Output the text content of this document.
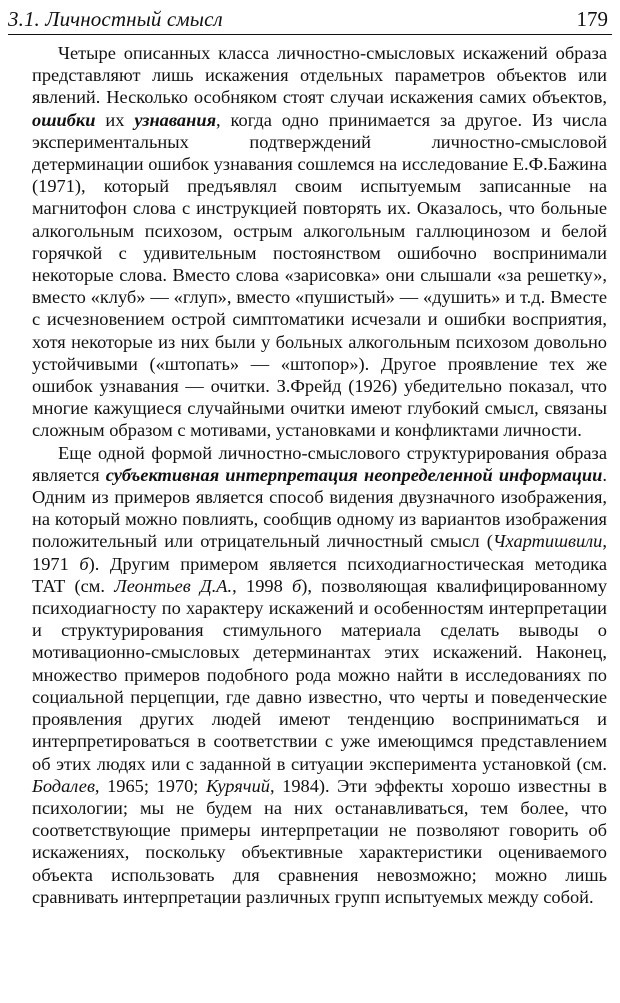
3.1. Личностный смысл	179

Четыре описанных класса личностно-смысловых искажений образа представляют лишь искажения отдельных параметров объектов или явлений. Несколько особняком стоят случаи искажения самих объектов, ошибки их узнавания, когда одно принимается за другое. Из числа экспериментальных подтверждений личностно-смысловой детерминации ошибок узнавания сошлемся на исследование Е.Ф.Бажина (1971), который предъявлял своим испытуемым записанные на магнитофон слова с инструкцией повторять их. Оказалось, что больные алкогольным психозом, острым алкогольным галлюцинозом и белой горячкой с удивительным постоянством ошибочно воспринимали некоторые слова. Вместо слова «зарисовка» они слышали «за решетку», вместо «клуб» — «глуп», вместо «пушистый» — «душить» и т.д. Вместе с исчезновением острой симптоматики исчезали и ошибки восприятия, хотя некоторые из них были у больных алкогольным психозом довольно устойчивыми («штопать» — «штопор»). Другое проявление тех же ошибок узнавания — очитки. З.Фрейд (1926) убедительно показал, что многие кажущиеся случайными очитки имеют глубокий смысл, связаны сложным образом с мотивами, установками и конфликтами личности.

Еще одной формой личностно-смыслового структурирования образа является субъективная интерпретация неопределенной информации. Одним из примеров является способ видения двузначного изображения, на который можно повлиять, сообщив одному из вариантов изображения положительный или отрицательный личностный смысл (Чхартишвили, 1971 б). Другим примером является психодиагностическая методика ТАТ (см. Леонтьев Д.А., 1998 б), позволяющая квалифицированному психодиагносту по характеру искажений и особенностям интерпретации и структурирования стимульного материала сделать выводы о мотивационно-смысловых детерминантах этих искажений. Наконец, множество примеров подобного рода можно найти в исследованиях по социальной перцепции, где давно известно, что черты и поведенческие проявления других людей имеют тенденцию восприниматься и интерпретироваться в соответствии с уже имеющимся представлением об этих людях или с заданной в ситуации эксперимента установкой (см. Бодалев, 1965; 1970; Курячий, 1984). Эти эффекты хорошо известны в психологии; мы не будем на них останавливаться, тем более, что соответствующие примеры интерпретации не позволяют говорить об искажениях, поскольку объективные характеристики оцениваемого объекта использовать для сравнения невозможно; можно лишь сравнивать интерпретации различных групп испытуемых между собой.
